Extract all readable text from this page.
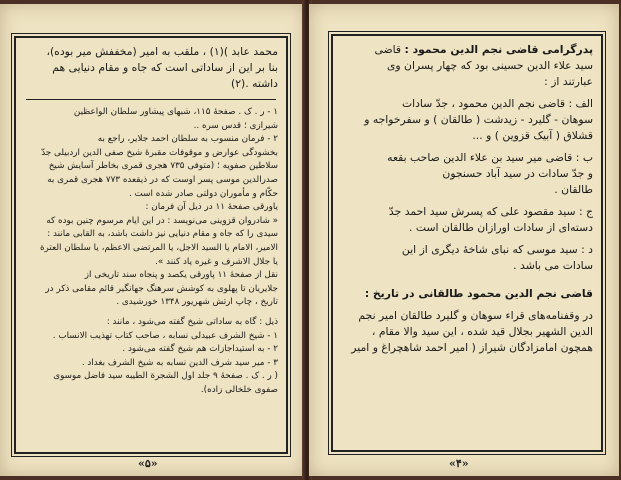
محمد عابد )(۱) ، ملقب به امیر (مخففش میر بوده)،

بنا بر این از ساداتی است که جاه و مقام دنیایی هم

داشته .(۲)

۱ - ر . ک . صفحهٔ ۱۱۵، شبهای پیشاور سلطان الواعظین

شیرازی ؛ قدس سره ..

۲ - فرمان منسوب به سلطان احمد جلایر، راجع به

بخشودگی عوارض و موقوفات مقبرهٔ شیخ صفی الدین اردبیلی جدّ

سلاطین صفویه ؛ (متوفی ۷۳۵ هجری قمری بخاطر آسایش شیخ

صدرالدین موسی پسر اوست که در ذیقعده ۷۷۳ هجری قمری به

حکّام و مأموران دولتی صادر شده است .

یاورقی صفحهٔ ۱۱ در ذیل آن فرمان :

« شادروان قزوینی می‌نویسد : در این ایام مرسوم چنین بوده که

سیدی را که جاه و مقام دنیایی نیز داشت باشد، به القابی مانند :

الامیر، الامام یا السید الاجل، یا المرتضی الاعظم، یا سلطان العترة

یا جلال الاشرف و غیره یاد کنند ».

نقل از صفحهٔ ۱۱ پاورقی یکصد و پنجاه سند تاریخی از

جلایریان تا پهلوی به کوشش سرهنگ جهانگیر قائم مقامی ذکر در

تاریخ ، چاپ ارتش شهریور ۱۳۴۸ خورشیدی .

ذیل : گاه به ساداتی شیخ گفته می‌شود ، مانند :

۱ - شیخ الشرف عبیدلی نسابه ، صاحب کتاب تهذیب الانساب .

۲ - به استیداجازات هم شیخ گفته می‌شود .

۳ - میر سید شرف الدین نسابه به شیخ الشرف بغداد .

( ر . ک . صفحهٔ ۹ جلد اول الشجرة الطیبه سید فاضل موسوی

صفوی خلخالی زاده).

«۵»

پدرگرامی قاضی نجم الدین محمود : قاضی

سید علاء الدین حسینی بود که چهار پسران وی

عبارتند از :

الف : قاضی نجم الدین محمود ، جدّ سادات

سوهان - گلیرد - زیدشت ( طالقان ) و سفرخواجه و

قشلاق ( آبیک قزوین ) و ...

ب : قاضی میر سید بن علاء الدین صاحب بقعه

و جدّ سادات در سید آباد حسنجون

طالقان .

ج : سید مقصود علی که پسرش سید احمد جدّ

دسته‌ای از سادات اورازان طالقان است .

د : سید موسی که نبای شاخهٔ دیگری از این

سادات می باشد .

قاضی نجم الدین محمود طالقانی در تاریخ :

در وقفنامه‌های قراء سوهان و گلیرد طالقان امیر نجم

الدین الشهیر بجلال قید شده ، این سید والا مقام ،

همچون امامزادگان شیراز ( امیر احمد شاهچراغ و امیر

«۴»
